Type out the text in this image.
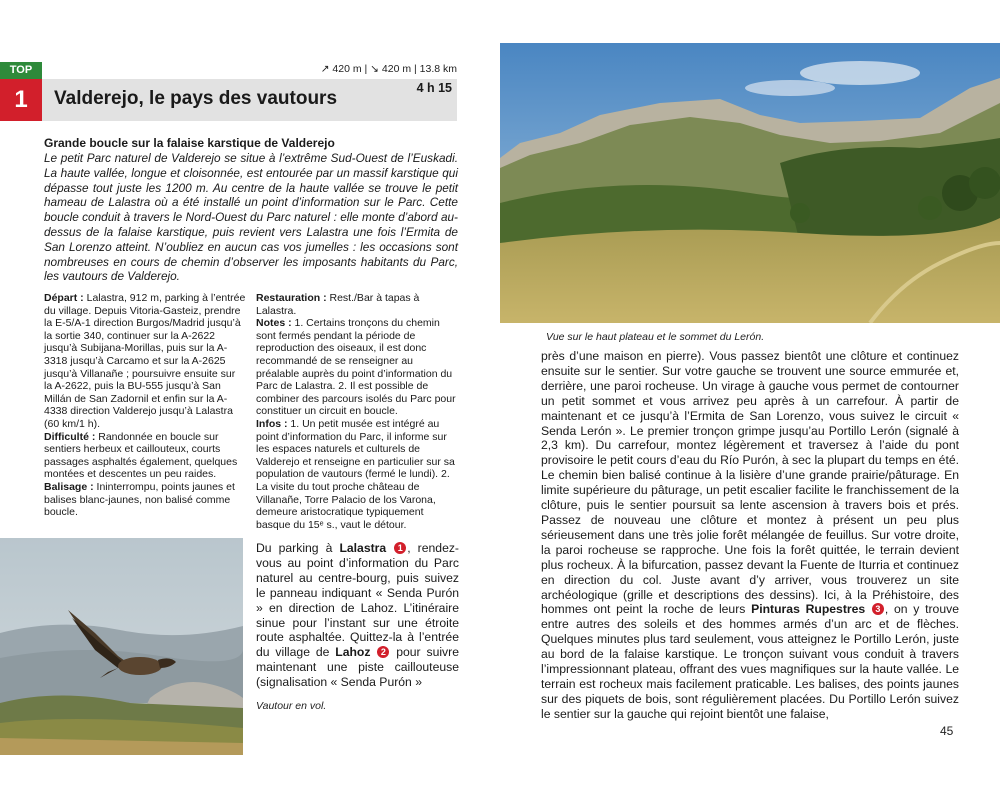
TOP
1	Valderejo, le pays des vautours
↗ 420 m | ↘ 420 m | 13.8 km
4 h 15
Grande boucle sur la falaise karstique de Valderejo

Le petit Parc naturel de Valderejo se situe à l’extrême Sud-Ouest de l’Euskadi. La haute vallée, longue et cloisonnée, est entourée par un massif karstique qui dépasse tout juste les 1200 m. Au centre de la haute vallée se trouve le petit hameau de Lalastra où a été installé un point d’information sur le Parc. Cette boucle conduit à travers le Nord-Ouest du Parc naturel : elle monte d’abord au-dessus de la falaise karstique, puis revient vers Lalastra une fois l’Ermita de San Lorenzo atteint. N’oubliez en aucun cas vos jumelles : les occasions sont nombreuses en cours de chemin d’observer les imposants habitants du Parc, les vautours de Valderejo.

Départ : Lalastra, 912 m, parking à l’entrée du village. Depuis Vitoria-Gasteiz, prendre la E-5/A-1 direction Burgos/Madrid jusqu’à la sortie 340, continuer sur la A-2622 jusqu’à Subijana-Morillas, puis sur la A-3318 jusqu’à Carcamo et sur la A-2625 jusqu’à Villanañe ; poursuivre ensuite sur la A-2622, puis la BU-555 jusqu’à San Millán de San Zadornil et enfin sur la A-4338 direction Valderejo jusqu’à Lalastra (60 km/1 h).
Difficulté : Randonnée en boucle sur sentiers herbeux et caillouteux, courts passages asphaltés également, quelques montées et descentes un peu raides.
Balisage : Ininterrompu, points jaunes et balises blanc-jaunes, non balisé comme boucle.

Restauration : Rest./Bar à tapas à Lalastra.
Notes : 1. Certains tronçons du chemin sont fermés pendant la période de reproduction des oiseaux, il est donc recommandé de se renseigner au préalable auprès du point d’information du Parc de Lalastra. 2. Il est possible de combiner des parcours isolés du Parc pour constituer un circuit en boucle.
Infos : 1. Un petit musée est intégré au point d’information du Parc, il informe sur les espaces naturels et culturels de Valderejo et renseigne en particulier sur sa population de vautours (fermé le lundi). 2. La visite du tout proche château de Villanañe, Torre Palacio de los Varona, demeure aristocratique typiquement basque du 15ᵉ s., vaut le détour.

Du parking à Lalastra 1 , rendez-vous au point d’information du Parc naturel au centre-bourg, puis suivez le panneau indiquant « Senda Purón » en direction de Lahoz. L’itinéraire sinue pour l’instant sur une étroite route asphaltée. Quittez-la à l’entrée du village de Lahoz 2 pour suivre maintenant une piste caillouteuse (signalisation « Senda Purón »

Vautour en vol.
Vue sur le haut plateau et le sommet du Lerón.

près d’une maison en pierre). Vous passez bientôt une clôture et continuez ensuite sur le sentier. Sur votre gauche se trouvent une source emmurée et, derrière, une paroi rocheuse. Un virage à gauche vous permet de contourner un petit sommet et vous arrivez peu après à un carrefour. À partir de maintenant et ce jusqu’à l’Ermita de San Lorenzo, vous suivez le circuit « Senda Lerón ». Le premier tronçon grimpe jusqu’au Portillo Lerón (signalé à 2,3 km). Du carrefour, montez légèrement et traversez à l’aide du pont provisoire le petit cours d’eau du Río Purón, à sec la plupart du temps en été. Le chemin bien balisé continue à la lisière d’une grande prairie/pâturage. En limite supérieure du pâturage, un petit escalier facilite le franchissement de la clôture, puis le sentier poursuit sa lente ascension à travers bois et prés. Passez de nouveau une clôture et montez à présent un peu plus sérieusement dans une très jolie forêt mélangée de feuillus. Sur votre droite, la paroi rocheuse se rapproche. Une fois la forêt quittée, le terrain devient plus rocheux. À la bifurcation, passez devant la Fuente de Iturria et continuez en direction du col. Juste avant d’y arriver, vous trouverez un site archéologique (grille et descriptions des dessins). Ici, à la Préhistoire, des hommes ont peint la roche de leurs Pinturas Rupestres 3 , on y trouve entre autres des soleils et des hommes armés d’un arc et de flèches. Quelques minutes plus tard seulement, vous atteignez le Portillo Lerón, juste au bord de la falaise karstique. Le tronçon suivant vous conduit à travers l’impressionnant plateau, offrant des vues magnifiques sur la haute vallée. Le terrain est rocheux mais facilement praticable. Les balises, des points jaunes sur des piquets de bois, sont régulièrement placées. Du Portillo Lerón suivez le sentier sur la gauche qui rejoint bientôt une falaise,

45
